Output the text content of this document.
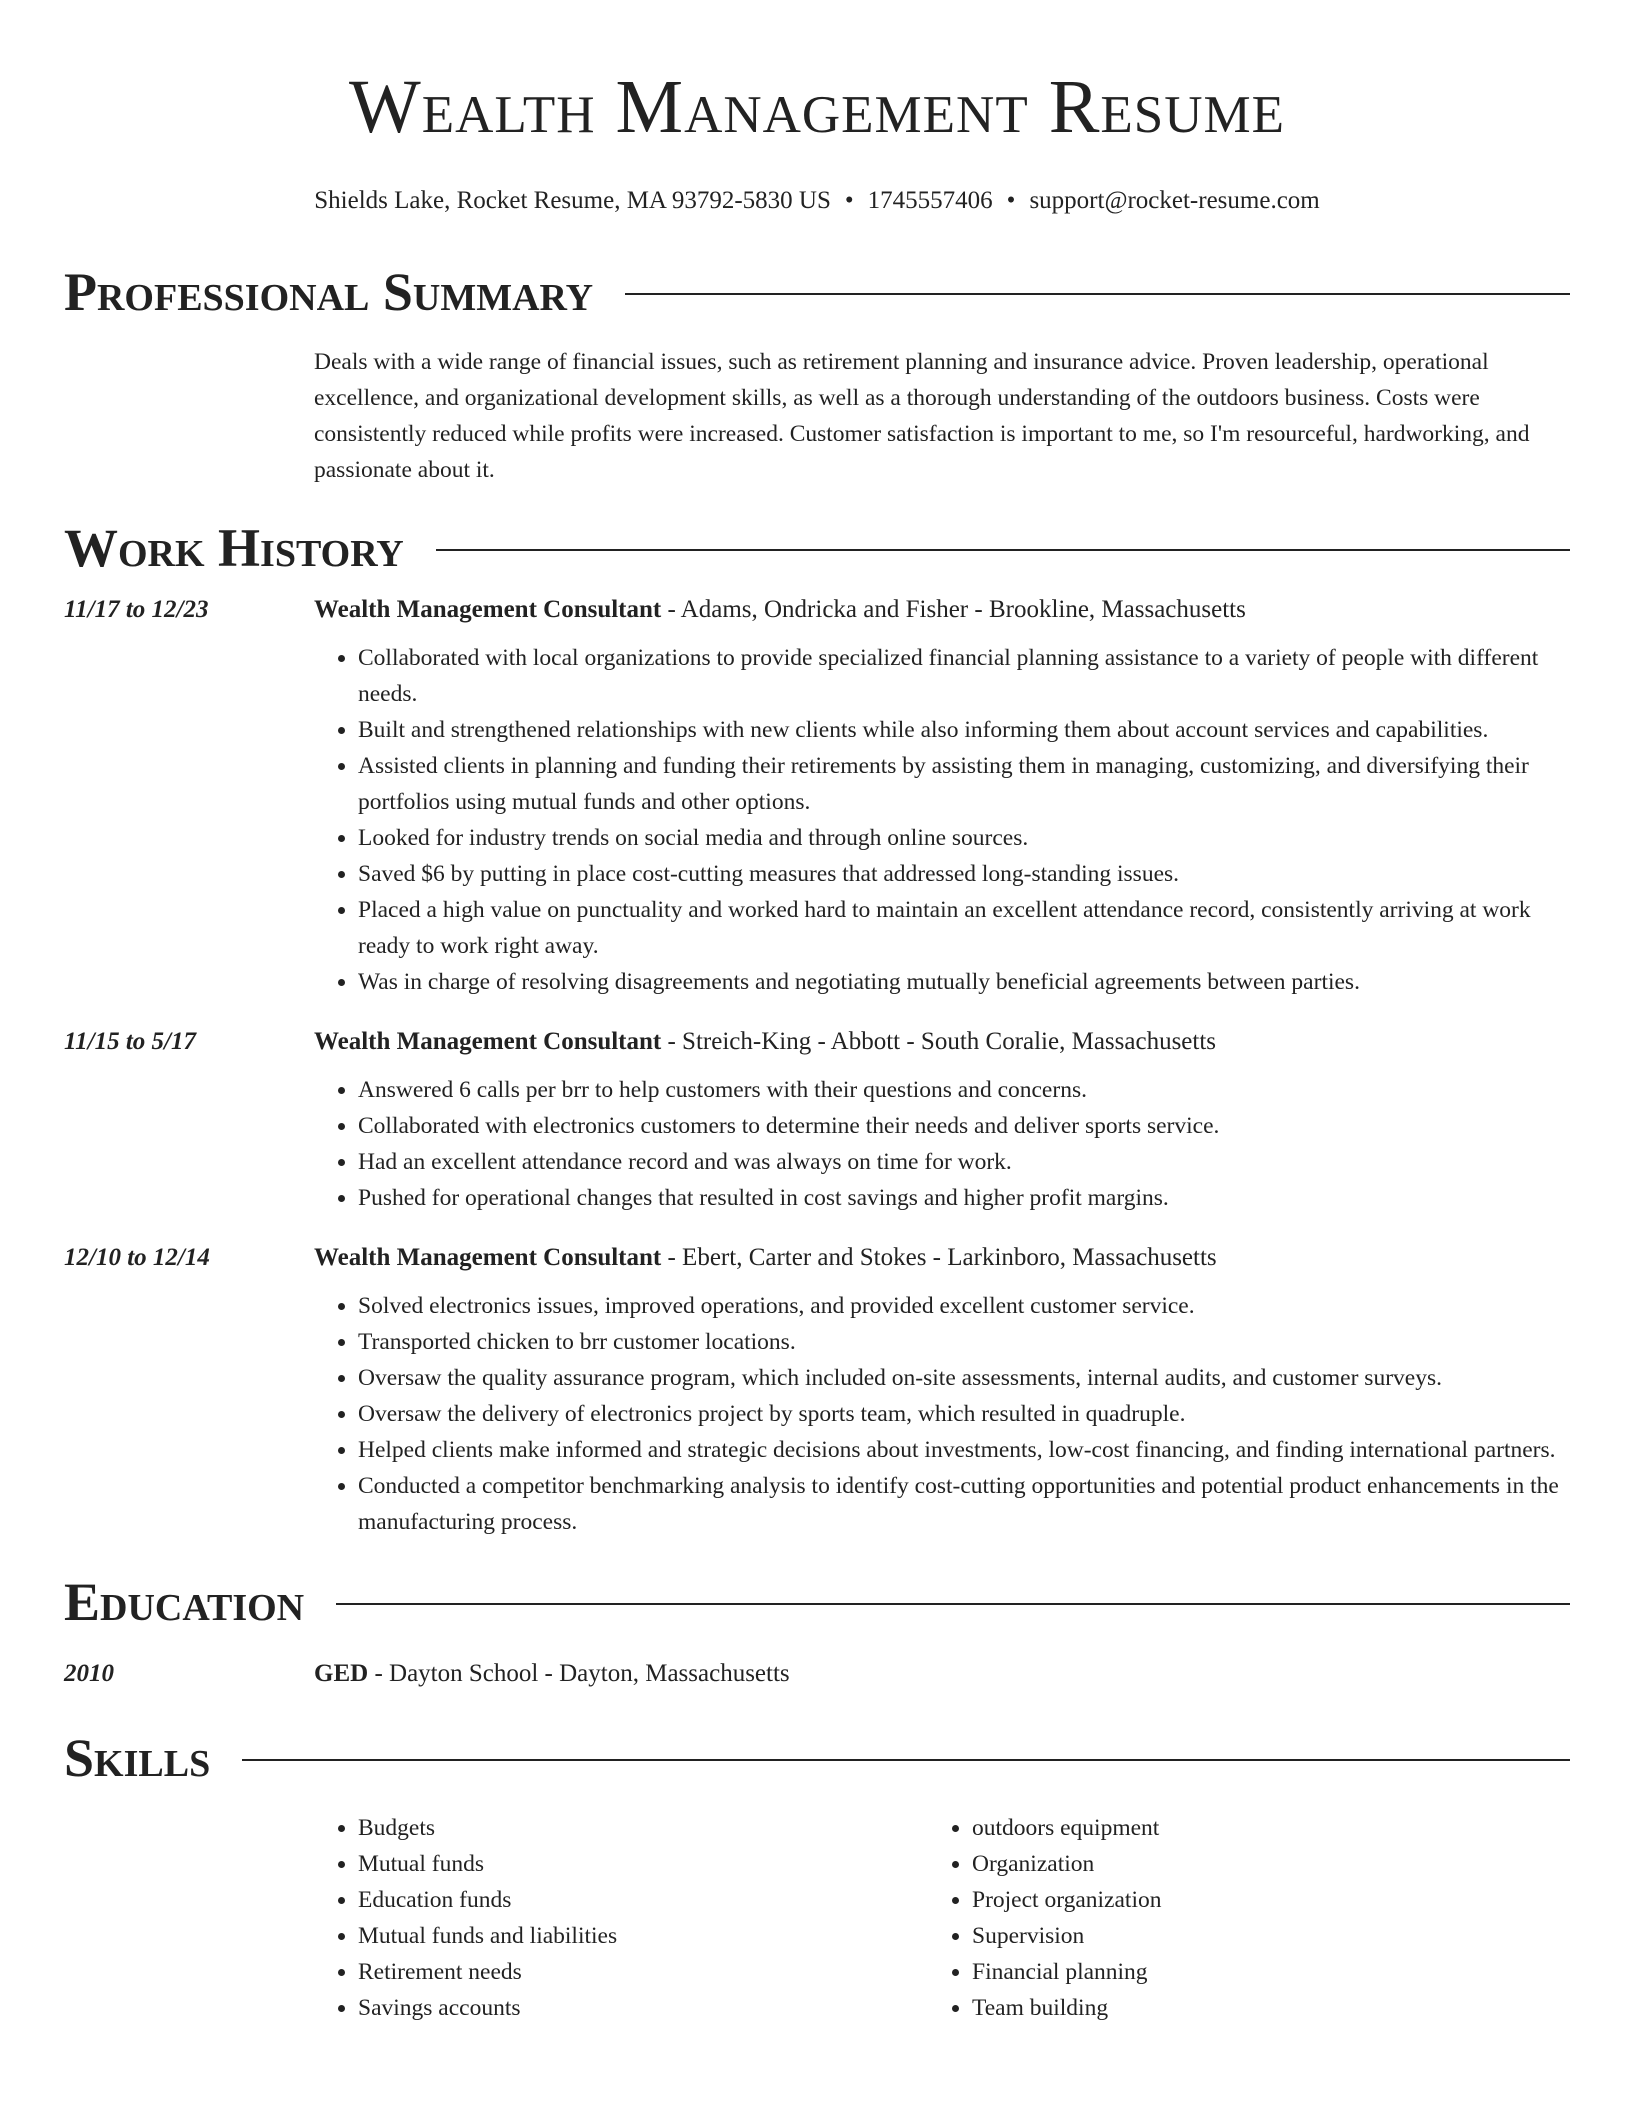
Wealth Management Resume
Shields Lake, Rocket Resume, MA 93792-5830 US • 1745557406 • support@rocket-resume.com
Professional Summary
Deals with a wide range of financial issues, such as retirement planning and insurance advice. Proven leadership, operational excellence, and organizational development skills, as well as a thorough understanding of the outdoors business. Costs were consistently reduced while profits were increased. Customer satisfaction is important to me, so I'm resourceful, hardworking, and passionate about it.
Work History
11/17 to 12/23	Wealth Management Consultant - Adams, Ondricka and Fisher - Brookline, Massachusetts
• Collaborated with local organizations to provide specialized financial planning assistance to a variety of people with different needs.
• Built and strengthened relationships with new clients while also informing them about account services and capabilities.
• Assisted clients in planning and funding their retirements by assisting them in managing, customizing, and diversifying their portfolios using mutual funds and other options.
• Looked for industry trends on social media and through online sources.
• Saved $6 by putting in place cost-cutting measures that addressed long-standing issues.
• Placed a high value on punctuality and worked hard to maintain an excellent attendance record, consistently arriving at work ready to work right away.
• Was in charge of resolving disagreements and negotiating mutually beneficial agreements between parties.
11/15 to 5/17	Wealth Management Consultant - Streich-King - Abbott - South Coralie, Massachusetts
• Answered 6 calls per brr to help customers with their questions and concerns.
• Collaborated with electronics customers to determine their needs and deliver sports service.
• Had an excellent attendance record and was always on time for work.
• Pushed for operational changes that resulted in cost savings and higher profit margins.
12/10 to 12/14	Wealth Management Consultant - Ebert, Carter and Stokes - Larkinboro, Massachusetts
• Solved electronics issues, improved operations, and provided excellent customer service.
• Transported chicken to brr customer locations.
• Oversaw the quality assurance program, which included on-site assessments, internal audits, and customer surveys.
• Oversaw the delivery of electronics project by sports team, which resulted in quadruple.
• Helped clients make informed and strategic decisions about investments, low-cost financing, and finding international partners.
• Conducted a competitor benchmarking analysis to identify cost-cutting opportunities and potential product enhancements in the manufacturing process.
Education
2010	GED - Dayton School - Dayton, Massachusetts
Skills
• Budgets
• Mutual funds
• Education funds
• Mutual funds and liabilities
• Retirement needs
• Savings accounts
• outdoors equipment
• Organization
• Project organization
• Supervision
• Financial planning
• Team building
